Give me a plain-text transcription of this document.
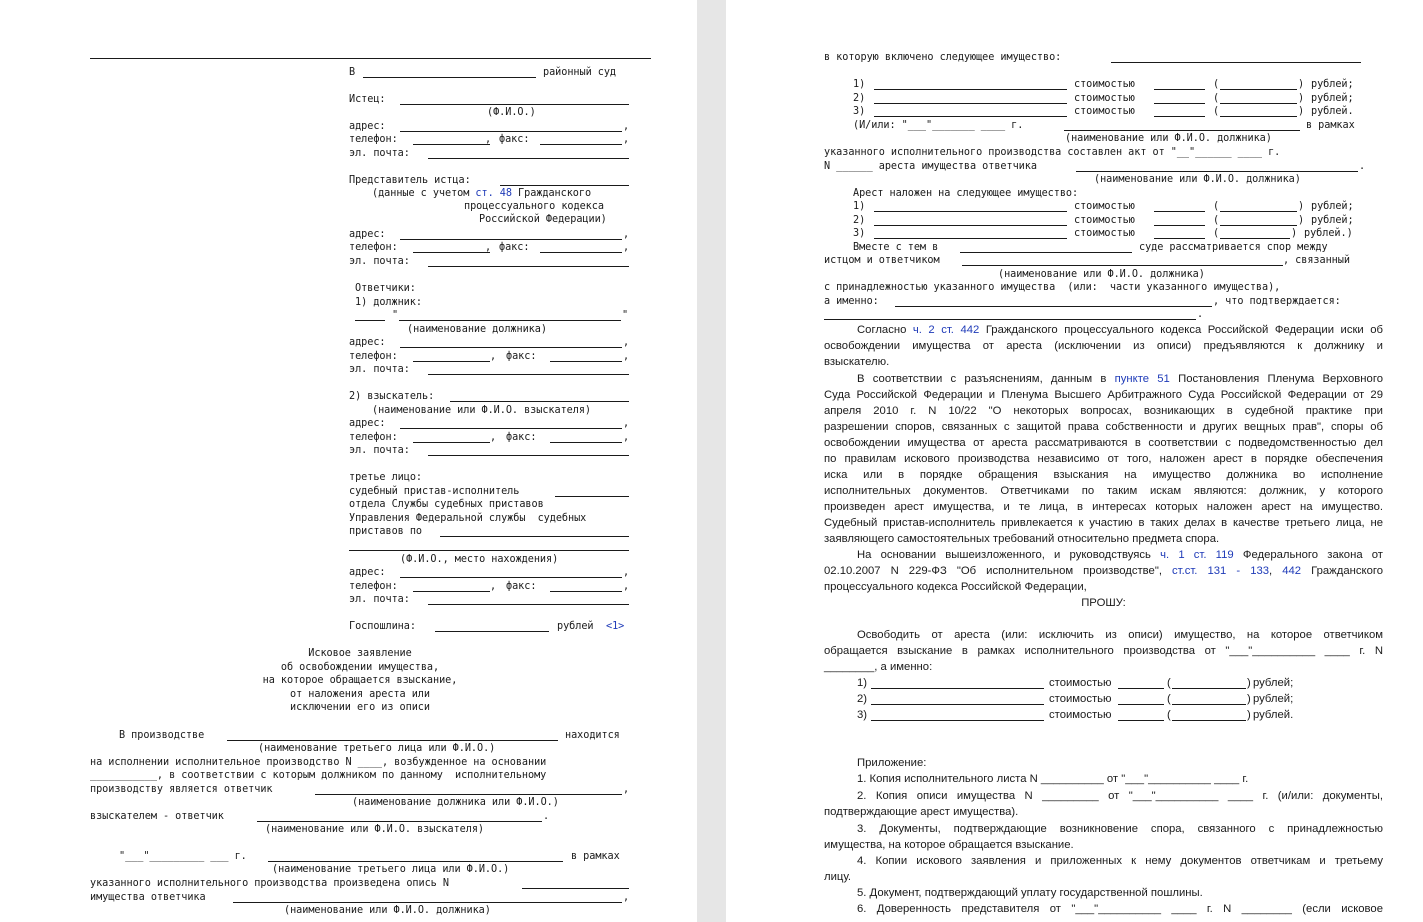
В	районный суд
Истец:
(Ф.И.О.)
адрес:	,
телефон:	, факс:	,
эл. почта:
Представитель истца:
(данные с учетом ст. 48 Гражданского
процессуального кодекса
Российской Федерации)
адрес:	,
телефон:	, факс:	,
эл. почта:
Ответчики:
1) должник:
"	"
(наименование должника)
адрес:	,
телефон:	, факс:	,
эл. почта:
2) взыскатель:
(наименование или Ф.И.О. взыскателя)
адрес:	,
телефон:	, факс:	,
эл. почта:
третье лицо:
судебный пристав-исполнитель
отдела Службы судебных приставов
Управления Федеральной службы  судебных
приставов по
(Ф.И.О., место нахождения)
адрес:	,
телефон:	, факс:	,
эл. почта:
Госпошлина:	рублей <1>
Исковое заявление
об освобождении имущества,
на которое обращается взыскание,
от наложения ареста или
исключении его из описи
В производстве	находится
(наименование третьего лица или Ф.И.О.)
на исполнении исполнительное производство N ____, возбужденное на основании
___________, в соответствии с которым должником по данному  исполнительному
производству является ответчик	,
(наименование должника или Ф.И.О.)
взыскателем - ответчик	.
(наименование или Ф.И.О. взыскателя)
"___"_________ ___ г.	в рамках
(наименование третьего лица или Ф.И.О.)
указанного исполнительного производства произведена опись N
имущества ответчика	,
(наименование или Ф.И.О. должника)
в которую включено следующее имущество:
1)	стоимостью	(	) рублей;
2)	стоимостью	(	) рублей;
3)	стоимостью	(	) рублей.
(И/или: "___"_______ ____ г.	в рамках
(наименование или Ф.И.О. должника)
указанного исполнительного производства составлен акт от "__"______ ____ г.
N ______ ареста имущества ответчика	.
(наименование или Ф.И.О. должника)
Арест наложен на следующее имущество:
1)	стоимостью	(	) рублей;
2)	стоимостью	(	) рублей;
3)	стоимостью	(	) рублей.)
Вместе с тем в	суде рассматривается спор между
истцом и ответчиком	, связанный
(наименование или Ф.И.О. должника)
с принадлежностью указанного имущества  (или:  части указанного имущества),
а именно:	, что подтверждается:
.
Согласно ч. 2 ст. 442 Гражданского процессуального кодекса Российской Федерации иски об
освобождении имущества от ареста (исключении из описи) предъявляются к должнику и
взыскателю.
В соответствии с разъяснениям, данным в пункте 51 Постановления Пленума Верховного
Суда Российской Федерации и Пленума Высшего Арбитражного Суда Российской Федерации от 29
апреля 2010 г. N 10/22 "О некоторых вопросах, возникающих в судебной практике при
разрешении споров, связанных с защитой права собственности и других вещных прав", споры об
освобождении имущества от ареста рассматриваются в соответствии с подведомственностью дел
по правилам искового производства независимо от того, наложен арест в порядке обеспечения
иска или в порядке обращения взыскания на имущество должника во исполнение
исполнительных документов. Ответчиками по таким искам являются: должник, у которого
произведен арест имущества, и те лица, в интересах которых наложен арест на имущество.
Судебный пристав-исполнитель привлекается к участию в таких делах в качестве третьего лица, не
заявляющего самостоятельных требований относительно предмета спора.
На основании вышеизложенного, и руководствуясь ч. 1 ст. 119 Федерального закона от
02.10.2007 N 229-ФЗ "Об исполнительном производстве", ст.ст. 131 - 133, 442 Гражданского
процессуального кодекса Российской Федерации,
ПРОШУ:
Освободить от ареста (или: исключить из описи) имущество, на которое ответчиком
обращается взыскание в рамках исполнительного производства от "___"__________ ____ г. N
________, а именно:
1)	стоимостью	(	) рублей;
2)	стоимостью	(	) рублей;
3)	стоимостью	(	) рублей.
Приложение:
1. Копия исполнительного листа N __________ от "___"__________ ____ г.
2. Копия описи имущества N _________ от "___"__________ ____ г. (и/или: документы,
подтверждающие арест имущества).
3. Документы, подтверждающие возникновение спора, связанного с принадлежностью
имущества, на которое обращается взыскание.
4. Копии искового заявления и приложенных к нему документов ответчикам и третьему
лицу.
5. Документ, подтверждающий уплату государственной пошлины.
6. Доверенность представителя от "___"__________ ____ г. N ________ (если исковое
